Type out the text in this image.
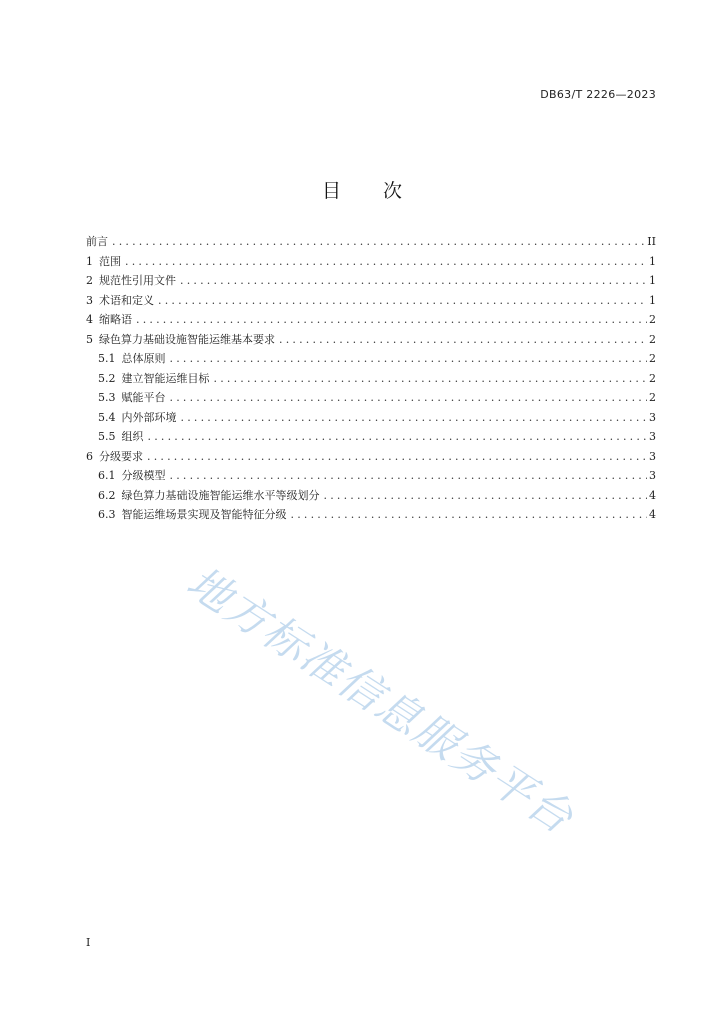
DB63/T 2226—2023
目 次
前言 .....	II
1 范围 .....	1
2 规范性引用文件 .....	1
3 术语和定义 .....	1
4 缩略语 .....	2
5 绿色算力基础设施智能运维基本要求 .....	2
5.1 总体原则 .....	2
5.2 建立智能运维目标 .....	2
5.3 赋能平台 .....	2
5.4 内外部环境 .....	3
5.5 组织 .....	3
6 分级要求 .....	3
6.1 分级模型 .....	3
6.2 绿色算力基础设施智能运维水平等级划分 .....	4
6.3 智能运维场景实现及智能特征分级 .....	4
地方标准信息服务平台
I
